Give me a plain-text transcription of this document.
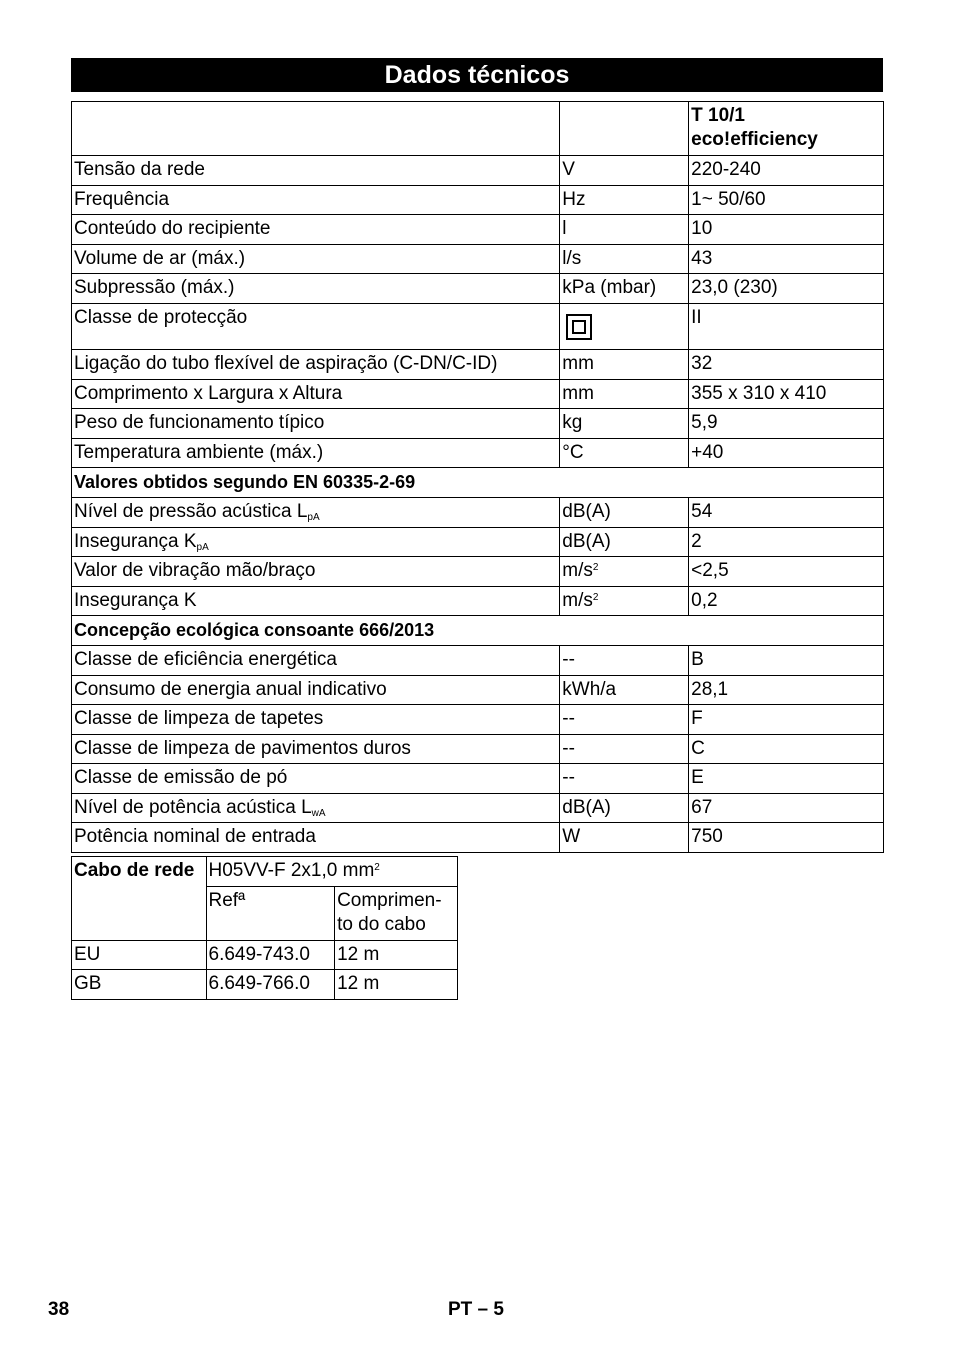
Dados técnicos
		T 10/1
eco!efficiency
Tensão da rede	V	220-240
Frequência	Hz	1~ 50/60
Conteúdo do recipiente	l	10
Volume de ar (máx.)	l/s	43
Subpressão (máx.)	kPa (mbar)	23,0 (230)
Classe de protecção		II
Ligação do tubo flexível de aspiração (C-DN/C-ID)	mm	32
Comprimento x Largura x Altura	mm	355 x 310 x 410
Peso de funcionamento típico	kg	5,9
Temperatura ambiente (máx.)	°C	+40
Valores obtidos segundo EN 60335-2-69		
Nível de pressão acústica $L_{pA}$	dB(A)	54
Insegurança $K_{pA}$	dB(A)	2
Valor de vibração mão/braço	$m/s^2$	<2,5
Insegurança K	$m/s^2$	0,2
Concepção ecológica consoante 666/2013		
Classe de eficiência energética	--	B
Consumo de energia anual indicativo	kWh/a	28,1
Classe de limpeza de tapetes	--	F
Classe de limpeza de pavimentos duros	--	C
Classe de emissão de pó	--	E
Nível de potência acústica $L_{wA}$	dB(A)	67
Potência nominal de entrada	W	750
Cabo de rede	H05VV-F 2x1,0 $mm^2$
	Refª	Comprimen-
to do cabo
EU	6.649-743.0	12 m
GB	6.649-766.0	12 m
38	PT – 5
